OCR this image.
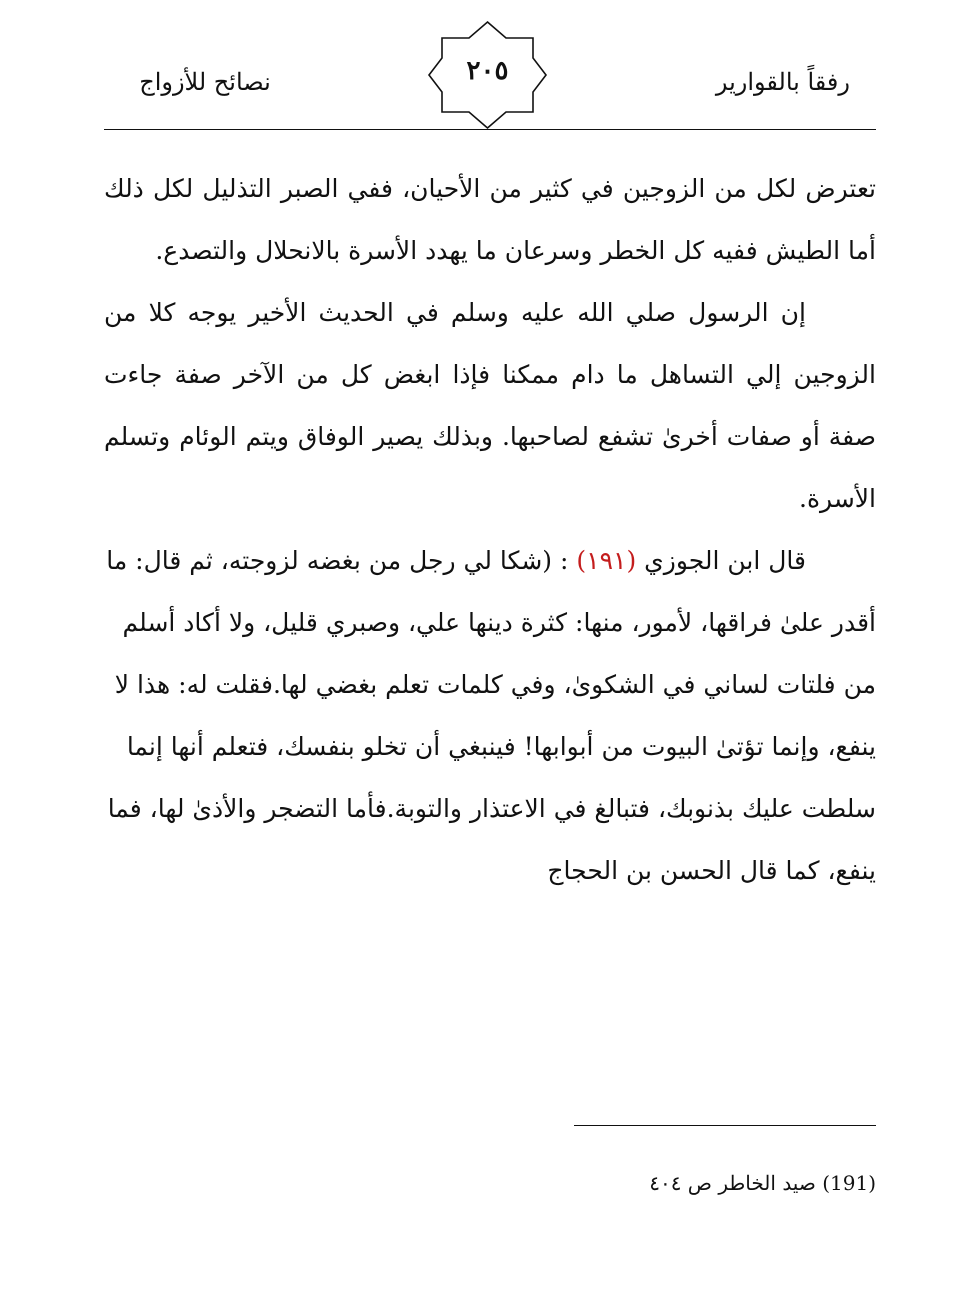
رفقاً بالقوارير
٢٠٥
نصائح للأزواج

تعترض لكل من الزوجين في كثير من الأحيان، ففي الصبر التذليل لكل ذلك أما الطيش ففيه كل الخطر وسرعان ما يهدد الأسرة بالانحلال والتصدع.

إن الرسول صلي الله عليه وسلم في الحديث الأخير يوجه كلا من الزوجين إلي التساهل ما دام ممكنا فإذا ابغض كل من الآخر صفة جاءت صفة أو صفات أخرىٰ تشفع لصاحبها. وبذلك يصير الوفاق ويتم الوئام وتسلم الأسرة.

قال ابن الجوزي (١٩١) : (شكا لي رجل من بغضه لزوجته، ثم قال: ما أقدر علىٰ فراقها، لأمور، منها: كثرة دينها علي، وصبري قليل، ولا أكاد أسلم من فلتات لساني في الشكوىٰ، وفي كلمات تعلم بغضي لها.فقلت له: هذا لا ينفع، وإنما تؤتىٰ البيوت من أبوابها! فينبغي أن تخلو بنفسك، فتعلم أنها إنما سلطت عليك بذنوبك، فتبالغ في الاعتذار والتوبة.فأما التضجر والأذىٰ لها، فما ينفع، كما قال الحسن بن الحجاج

(191) صيد الخاطر ص ٤٠٤
